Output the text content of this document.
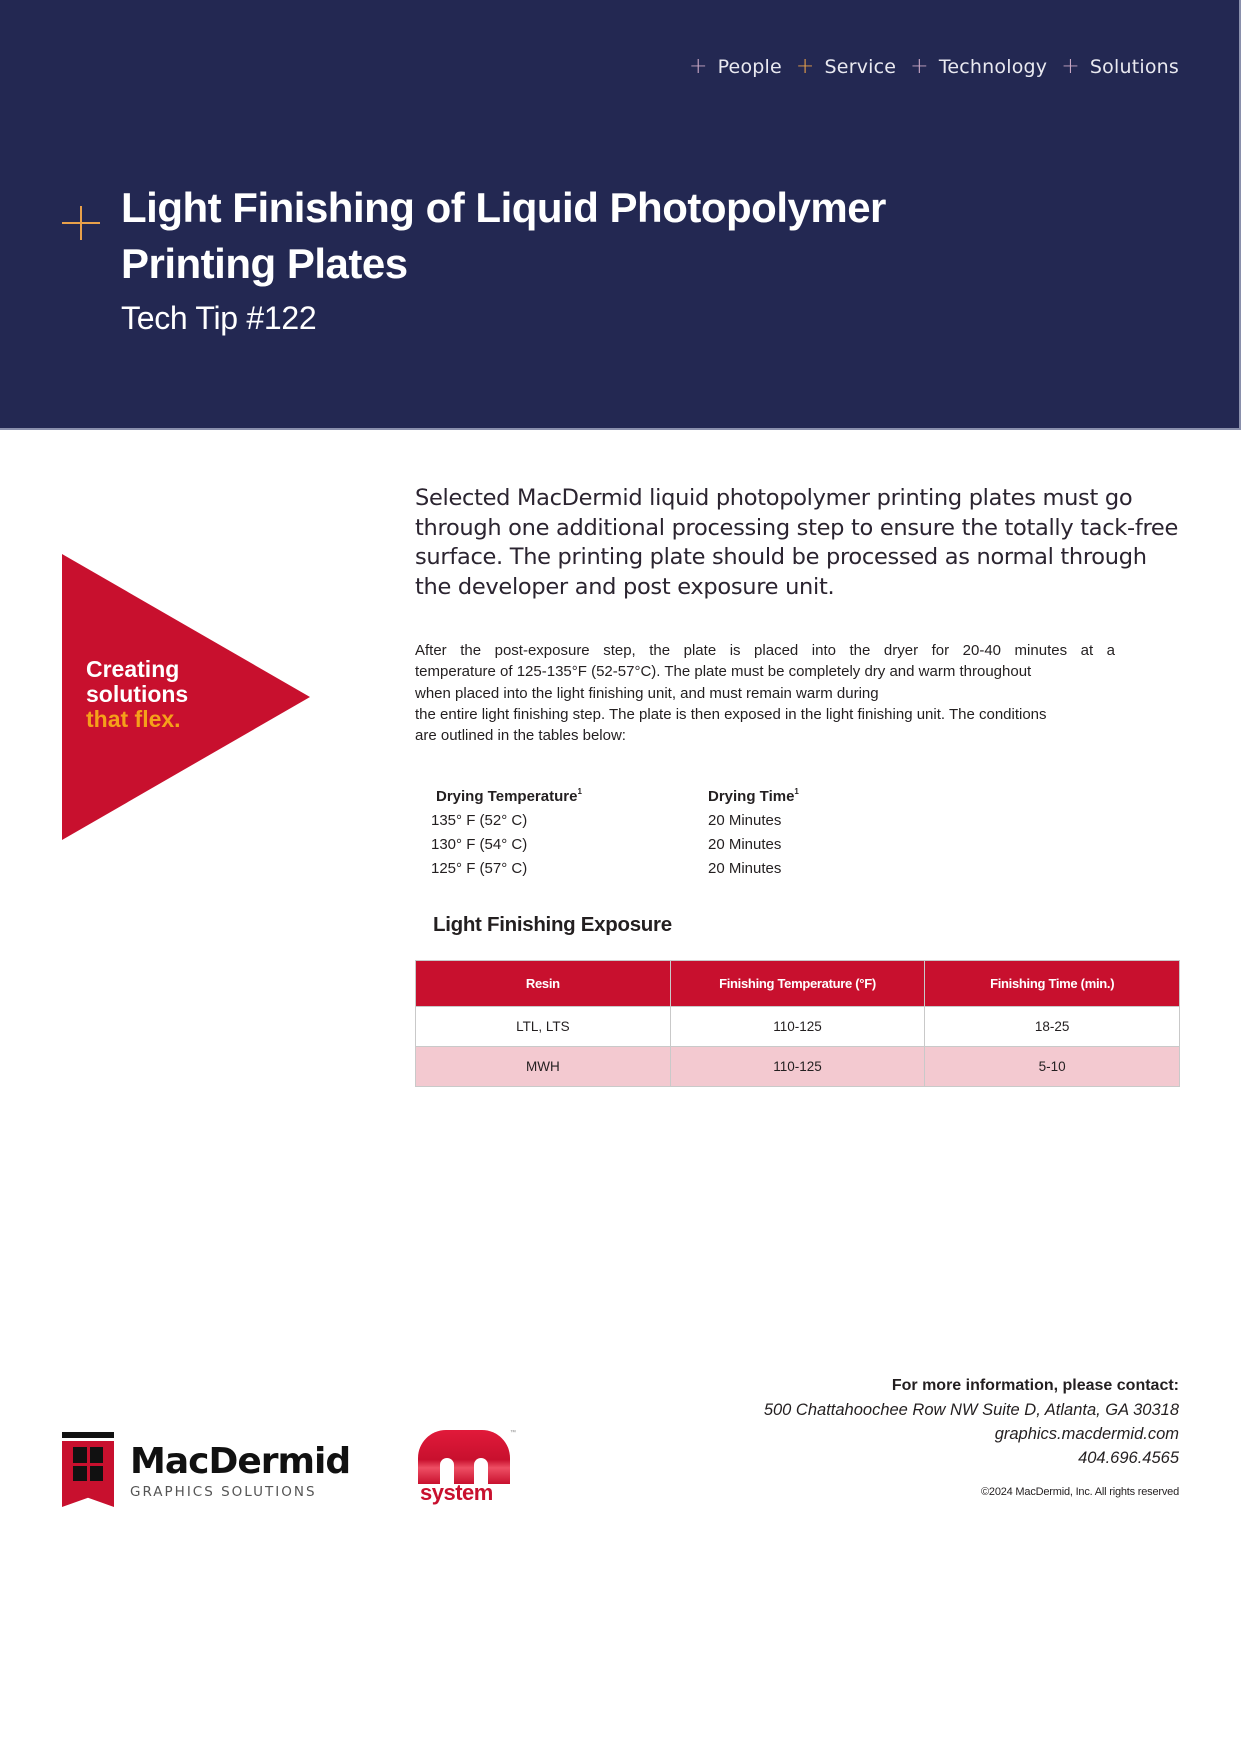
+ People + Service + Technology + Solutions
Light Finishing of Liquid Photopolymer
Printing Plates
Tech Tip #122
Creating
solutions
that flex.

Selected MacDermid liquid photopolymer printing plates must go through one additional processing step to ensure the totally tack-free surface. The printing plate should be processed as normal through the developer and post exposure unit.

After the post-exposure step, the plate is placed into the dryer for 20-40 minutes at a
temperature of 125-135°F (52-57°C). The plate must be completely dry and warm throughout
when placed into the light finishing unit, and must remain warm during
the entire light finishing step. The plate is then exposed in the light finishing unit. The conditions
are outlined in the tables below:
Drying Temperature$^1$	Drying Time$^1$
135° F (52° C)	20 Minutes
130° F (54° C)	20 Minutes
125° F (57° C)	20 Minutes
Light Finishing Exposure
Resin	Finishing Temperature (°F)	Finishing Time (min.)
LTL, LTS	110-125	18-25
MWH	110-125	5-10
For more information, please contact:
500 Chattahoochee Row NW Suite D, Atlanta, GA 30318
graphics.macdermid.com
404.696.4565
©2024 MacDermid, Inc. All rights reserved
MacDermid
GRAPHICS SOLUTIONS	system
™
